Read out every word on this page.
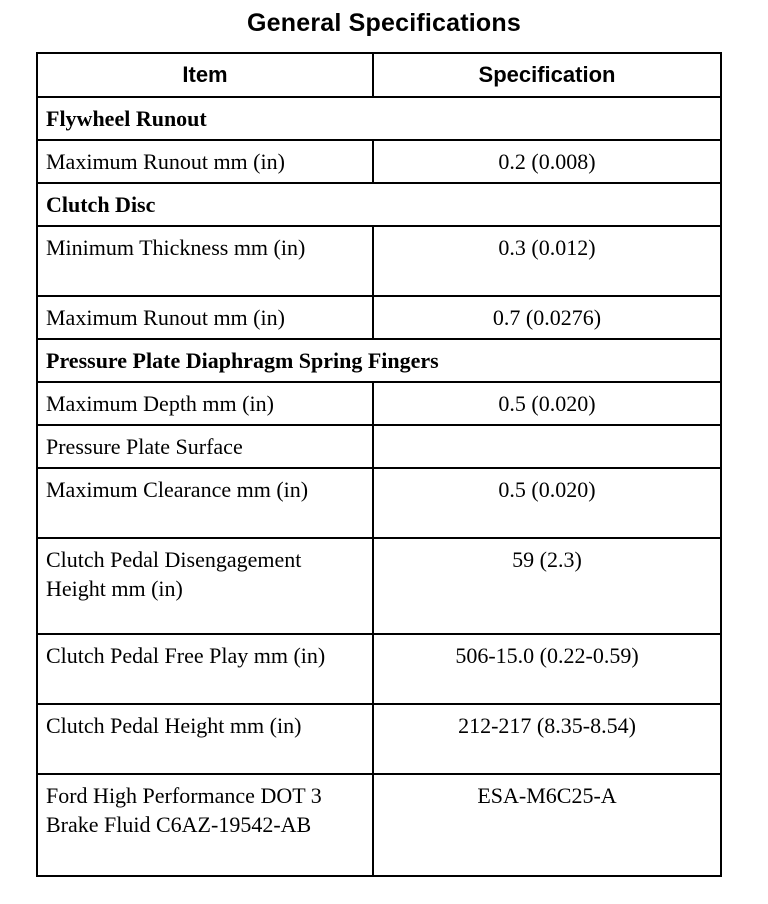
General Specifications
Item	Specification
Flywheel Runout	
Maximum Runout mm (in)	0.2 (0.008)
Clutch Disc	
Minimum Thickness mm (in)	0.3 (0.012)
Maximum Runout mm (in)	0.7 (0.0276)
Pressure Plate Diaphragm Spring Fingers	
Maximum Depth mm (in)	0.5 (0.020)
Pressure Plate Surface	
Maximum Clearance mm (in)	0.5 (0.020)
Clutch Pedal Disengagement Height mm (in)	59 (2.3)
Clutch Pedal Free Play mm (in)	506-15.0 (0.22-0.59)
Clutch Pedal Height mm (in)	212-217 (8.35-8.54)
Ford High Performance DOT 3 Brake Fluid C6AZ-19542-AB	ESA-M6C25-A
